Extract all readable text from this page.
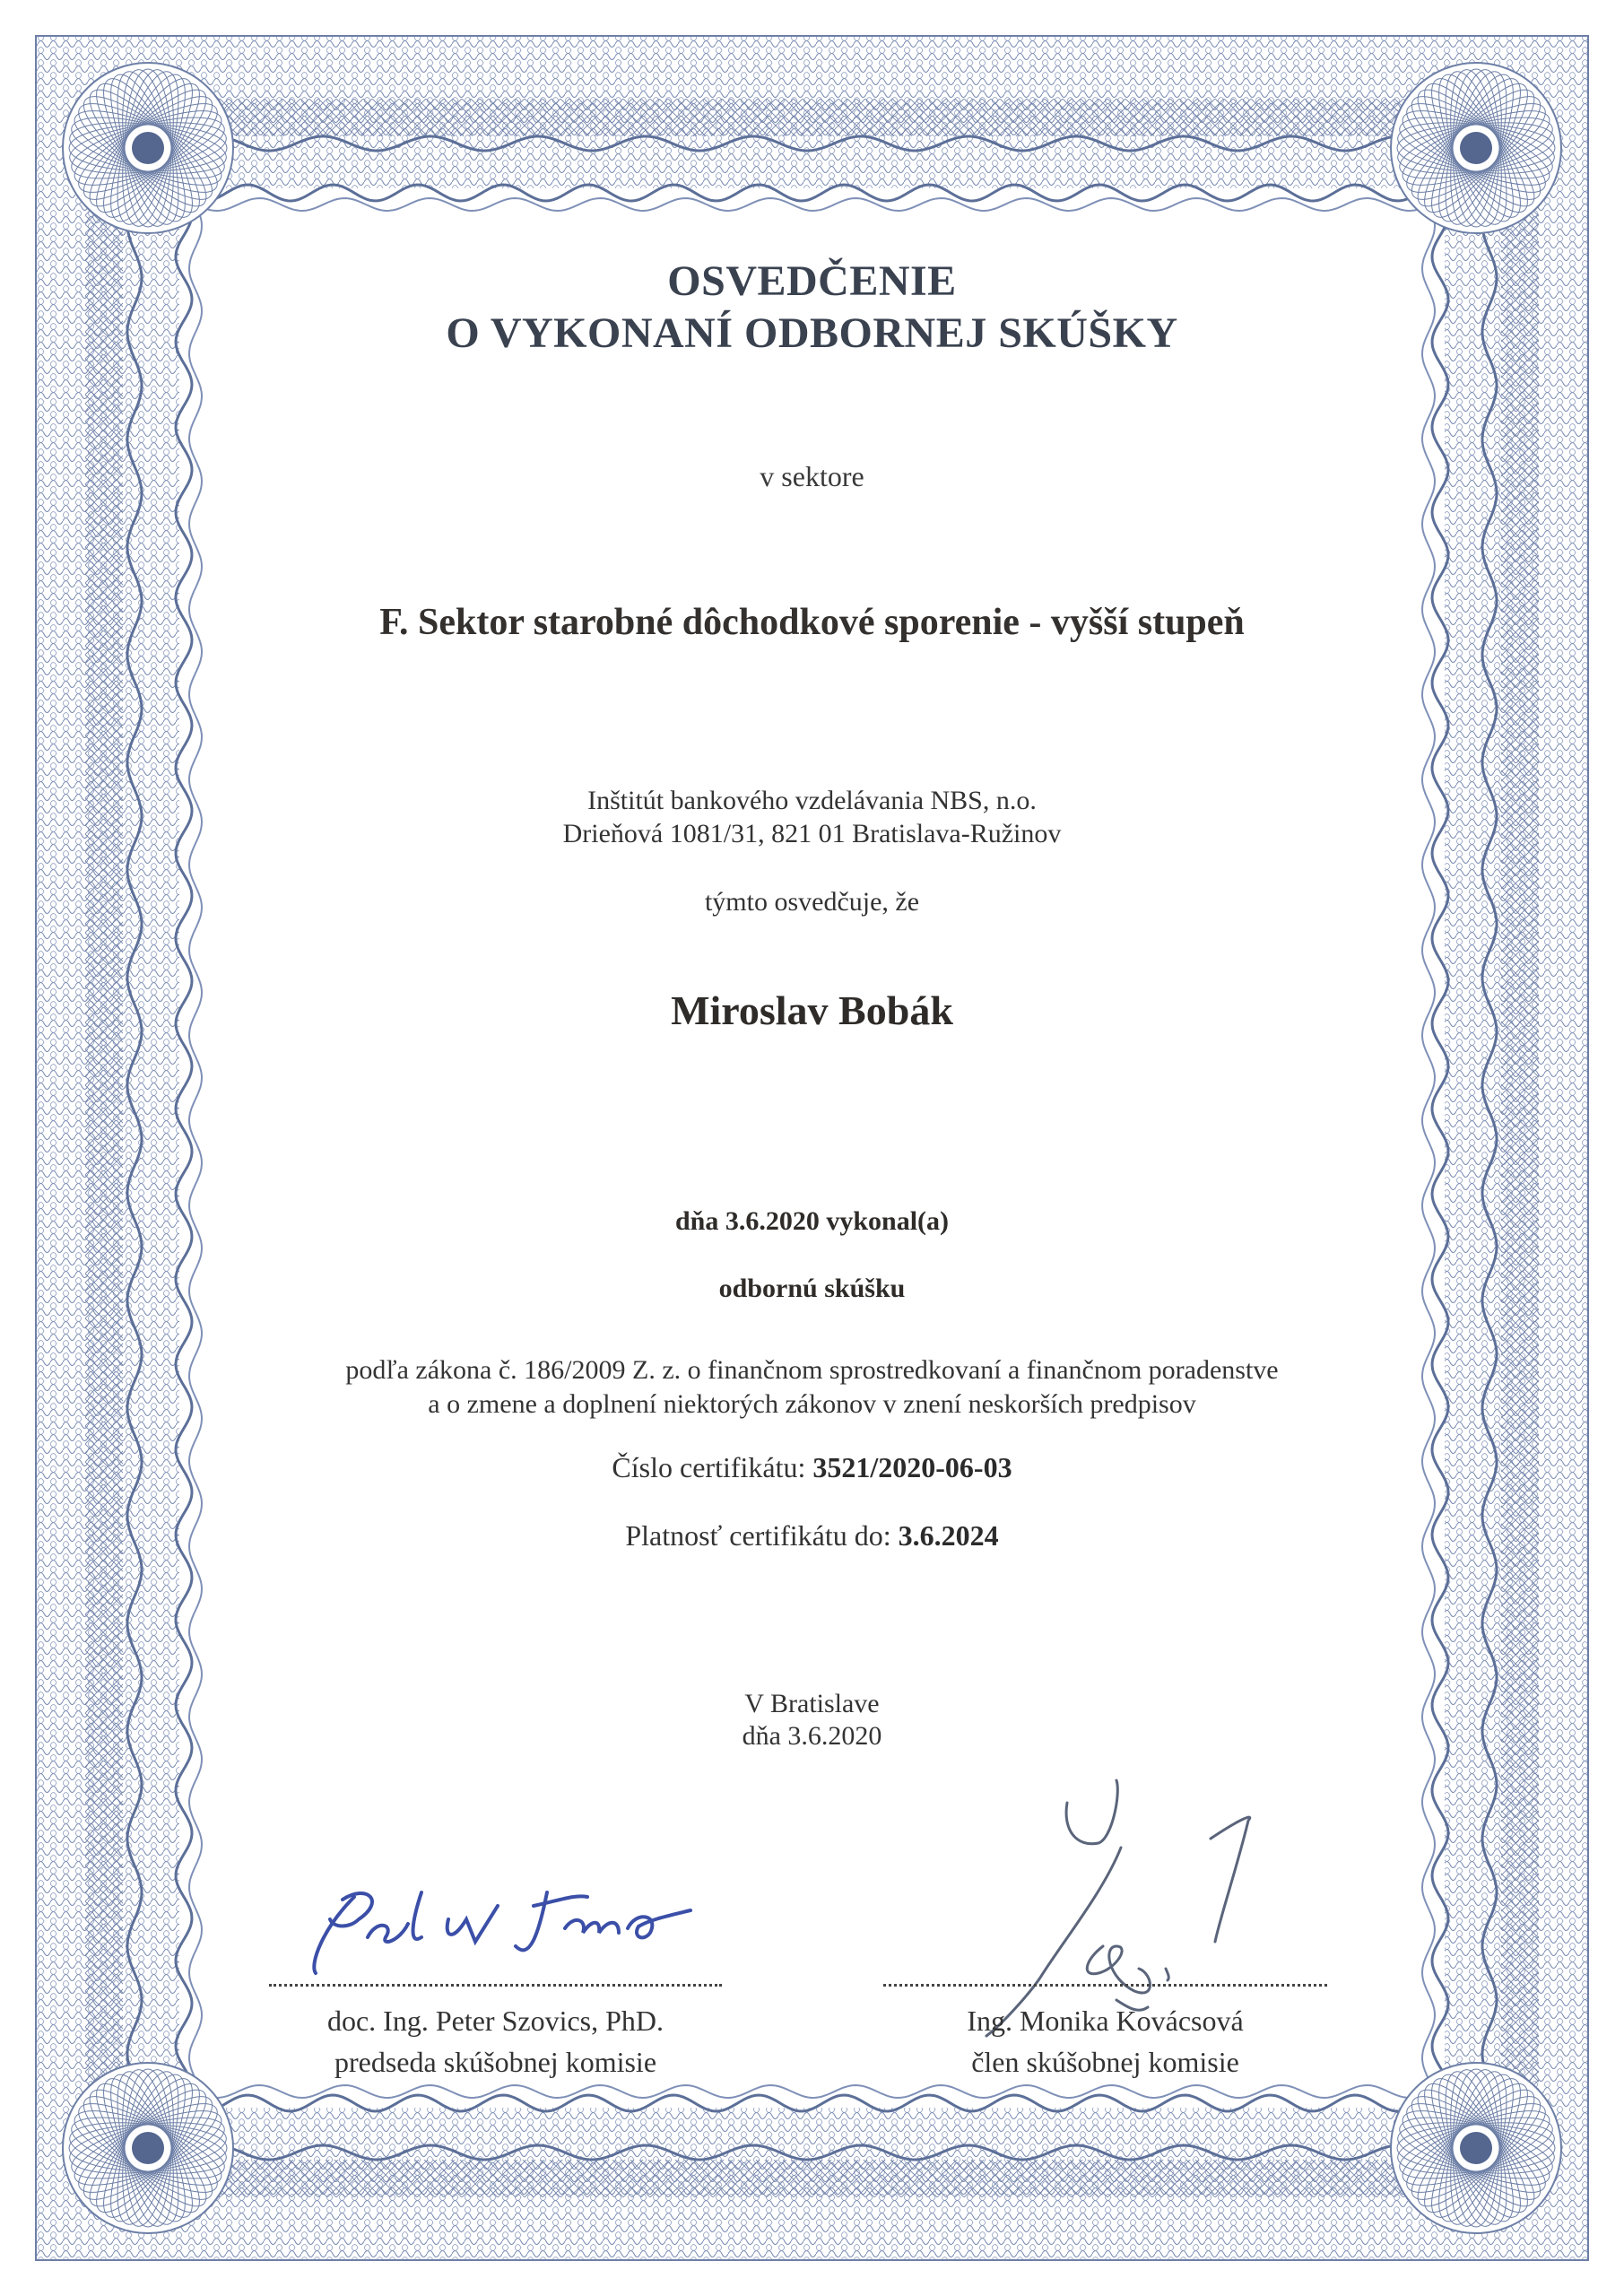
OSVEDČENIE
O VYKONANÍ ODBORNEJ SKÚŠKY
v sektore
F. Sektor starobné dôchodkové sporenie - vyšší stupeň
Inštitút bankového vzdelávania NBS, n.o.
Drieňová 1081/31, 821 01 Bratislava-Ružinov
týmto osvedčuje, že
Miroslav Bobák
dňa 3.6.2020 vykonal(a)
odbornú skúšku
podľa zákona č. 186/2009 Z. z. o finančnom sprostredkovaní a finančnom poradenstve
a o zmene a doplnení niektorých zákonov v znení neskorších predpisov
Číslo certifikátu: 3521/2020-06-03
Platnosť certifikátu do: 3.6.2024
V Bratislave
dňa 3.6.2020
doc. Ing. Peter Szovics, PhD.
predseda skúšobnej komisie
Ing. Monika Kovácsová
člen skúšobnej komisie
